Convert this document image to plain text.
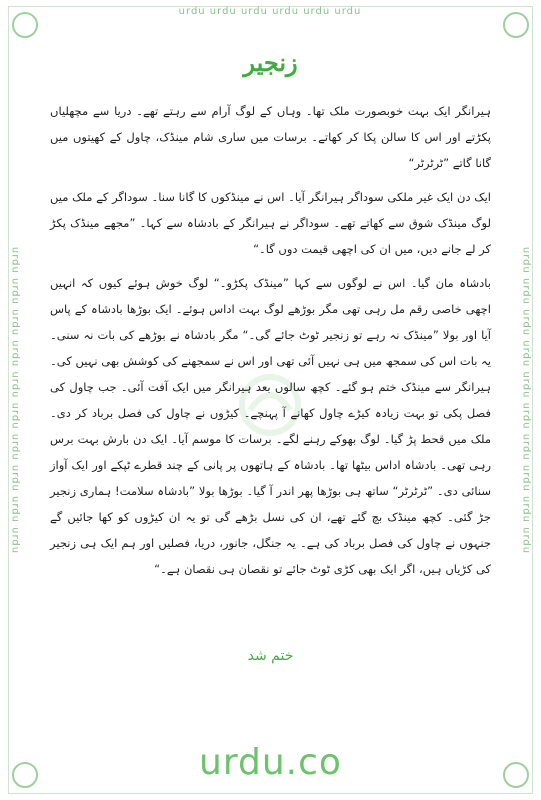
urdu urdu urdu urdu urdu urdu
urdu urdu urdu urdu urdu urdu urdu urdu urdu urdu	urdu urdu urdu urdu urdu urdu urdu urdu urdu urdu
زنجیر

ہیرانگر ایک بہت خوبصورت ملک تھا۔ وہاں کے لوگ آرام سے رہتے تھے۔ دریا سے مچھلیاں پکڑتے اور اس کا سالن پکا کر کھاتے۔ برسات میں ساری شام مینڈک، چاول کے کھیتوں میں گانا گاتے ”ٹرٹرٹر“

ایک دن ایک غیر ملکی سوداگر ہیرانگر آیا۔ اس نے مینڈکوں کا گانا سنا۔ سوداگر کے ملک میں لوگ مینڈک شوق سے کھاتے تھے۔ سوداگر نے ہیرانگر کے بادشاہ سے کہا۔ ”مجھے مینڈک پکڑ کر لے جانے دیں، میں ان کی اچھی قیمت دوں گا۔“

بادشاہ مان گیا۔ اس نے لوگوں سے کہا ”مینڈک پکڑو۔“ لوگ خوش ہوئے کیوں کہ انہیں اچھی خاصی رقم مل رہی تھی مگر بوڑھے لوگ بہت اداس ہوئے۔ ایک بوڑھا بادشاہ کے پاس آیا اور بولا ”مینڈک نہ رہے تو زنجیر ٹوٹ جائے گی۔“ مگر بادشاہ نے بوڑھے کی بات نہ سنی۔ یہ بات اس کی سمجھ میں ہی نہیں آئی تھی اور اس نے سمجھنے کی کوشش بھی نہیں کی۔ ہیرانگر سے مینڈک ختم ہو گئے۔ کچھ سالوں بعد ہیرانگر میں ایک آفت آئی۔ جب چاول کی فصل پکی تو بہت زیادہ کیڑے چاول کھانے آ پہنچے۔ کیڑوں نے چاول کی فصل برباد کر دی۔ ملک میں قحط پڑ گیا۔ لوگ بھوکے رہنے لگے۔ برسات کا موسم آیا۔ ایک دن بارش بہت برس رہی تھی۔ بادشاہ اداس بیٹھا تھا۔ بادشاہ کے ہاتھوں پر پانی کے چند قطرے ٹپکے اور ایک آواز سنائی دی۔ ”ٹرٹرٹر“ ساتھ ہی بوڑھا پھر اندر آ گیا۔ بوڑھا بولا ”بادشاہ سلامت! ہماری زنجیر جڑ گئی۔ کچھ مینڈک بچ گئے تھے، ان کی نسل بڑھے گی تو یہ ان کیڑوں کو کھا جائیں گے جنہوں نے چاول کی فصل برباد کی ہے۔ یہ جنگل، جانور، دریا، فصلیں اور ہم ایک ہی زنجیر کی کڑیاں ہیں، اگر ایک بھی کڑی ٹوٹ جائے تو نقصان ہی نقصان ہے۔“

ختم شد
urdu.co
